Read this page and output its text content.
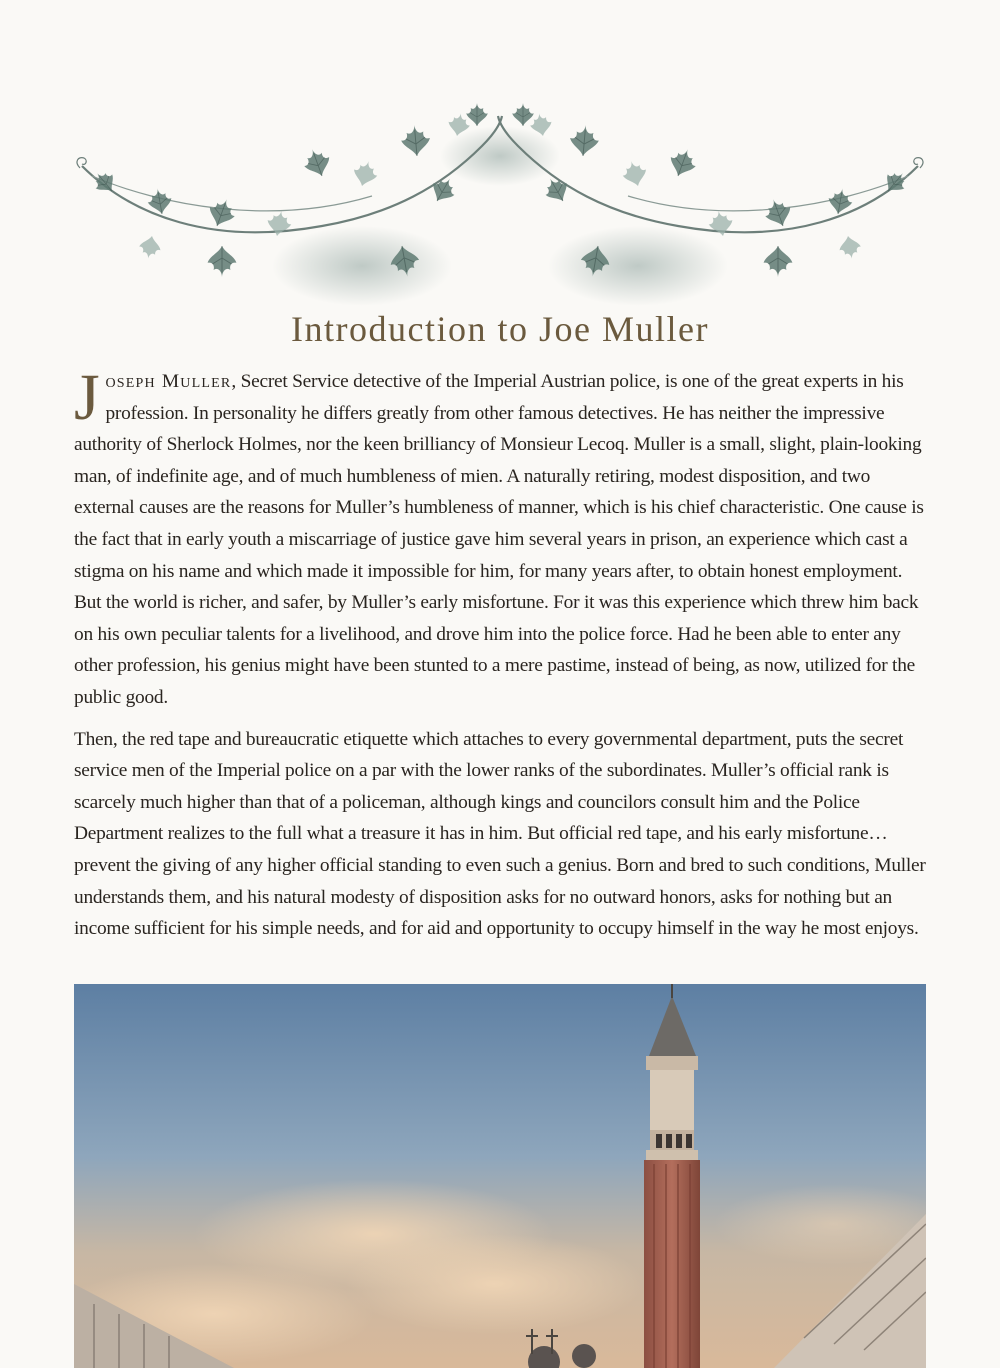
Introduction to Joe Muller

Joseph Muller, Secret Service detective of the Imperial Austrian police, is one of the great experts in his profession. In personality he differs greatly from other famous detectives. He has neither the impressive authority of Sherlock Holmes, nor the keen brilliancy of Monsieur Lecoq. Muller is a small, slight, plain-looking man, of indefinite age, and of much humbleness of mien. A naturally retiring, modest disposition, and two external causes are the reasons for Muller’s humbleness of manner, which is his chief characteristic. One cause is the fact that in early youth a miscarriage of justice gave him several years in prison, an experience which cast a stigma on his name and which made it impossible for him, for many years after, to obtain honest employment. But the world is richer, and safer, by Muller’s early misfortune. For it was this experience which threw him back on his own peculiar talents for a livelihood, and drove him into the police force. Had he been able to enter any other profession, his genius might have been stunted to a mere pastime, instead of being, as now, utilized for the public good.

Then, the red tape and bureaucratic etiquette which attaches to every governmental department, puts the secret service men of the Imperial police on a par with the lower ranks of the subordinates. Muller’s official rank is scarcely much higher than that of a policeman, although kings and councilors consult him and the Police Department realizes to the full what a treasure it has in him. But official red tape, and his early misfortune… prevent the giving of any higher official standing to even such a genius. Born and bred to such conditions, Muller understands them, and his natural modesty of disposition asks for no outward honors, asks for nothing but an income sufficient for his simple needs, and for aid and opportunity to occupy himself in the way he most enjoys.
